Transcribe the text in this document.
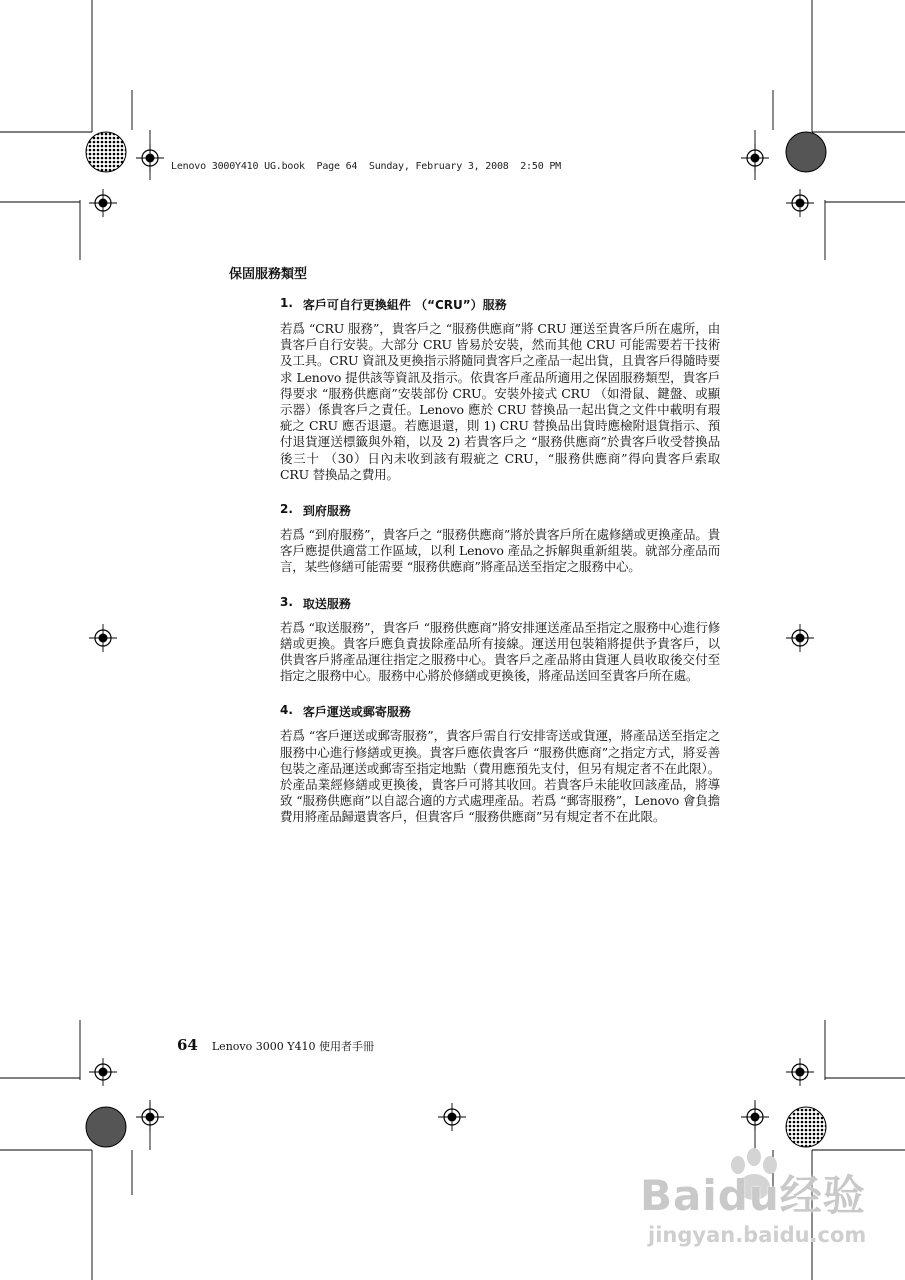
Lenovo 3000Y410 UG.book  Page 64  Sunday, February 3, 2008  2:50 PM
保固服務類型
1. 客戶可自行更換組件 （“CRU”）服務

若爲 “CRU 服務”，貴客戶之 “服務供應商”將 CRU 運送至貴客戶所在處所，由貴客戶自行安裝。大部分 CRU 皆易於安裝，然而其他 CRU 可能需要若干技術及工具。CRU 資訊及更換指示將隨同貴客戶之產品一起出貨，且貴客戶得隨時要求 Lenovo 提供該等資訊及指示。依貴客戶產品所適用之保固服務類型，貴客戶得要求 “服務供應商”安裝部份 CRU。安裝外接式 CRU （如滑鼠、鍵盤、或顯示器）係貴客戶之責任。Lenovo 應於 CRU 替換品一起出貨之文件中載明有瑕疵之 CRU 應否退還。若應退還，則 1) CRU 替換品出貨時應檢附退貨指示、預付退貨運送標籤與外箱，以及 2) 若貴客戶之 “服務供應商”於貴客戶收受替換品後三十 （30）日內未收到該有瑕疵之 CRU，“服務供應商”得向貴客戶索取 CRU 替換品之費用。

2. 到府服務

若爲 “到府服務”，貴客戶之 “服務供應商”將於貴客戶所在處修繕或更換產品。貴客戶應提供適當工作區域，以利 Lenovo 產品之拆解與重新組裝。就部分產品而言，某些修繕可能需要 “服務供應商”將產品送至指定之服務中心。

3. 取送服務

若爲 “取送服務”，貴客戶 “服務供應商”將安排運送產品至指定之服務中心進行修繕或更換。貴客戶應負責拔除產品所有接線。運送用包裝箱將提供予貴客戶，以供貴客戶將產品運往指定之服務中心。貴客戶之產品將由貨運人員收取後交付至指定之服務中心。服務中心將於修繕或更換後，將產品送回至貴客戶所在處。

4. 客戶運送或郵寄服務

若爲 “客戶運送或郵寄服務”，貴客戶需自行安排寄送或貨運，將產品送至指定之服務中心進行修繕或更換。貴客戶應依貴客戶 “服務供應商”之指定方式，將妥善包裝之產品運送或郵寄至指定地點（費用應預先支付，但另有規定者不在此限）。於產品業經修繕或更換後，貴客戶可將其收回。若貴客戶未能收回該產品，將導致 “服務供應商”以自認合適的方式處理產品。若爲 “郵寄服務”，Lenovo 會負擔費用將產品歸還貴客戶，但貴客戶 “服務供應商”另有規定者不在此限。

64 Lenovo 3000 Y410 使用者手冊
Baidu经验
jingyan.baidu.com
